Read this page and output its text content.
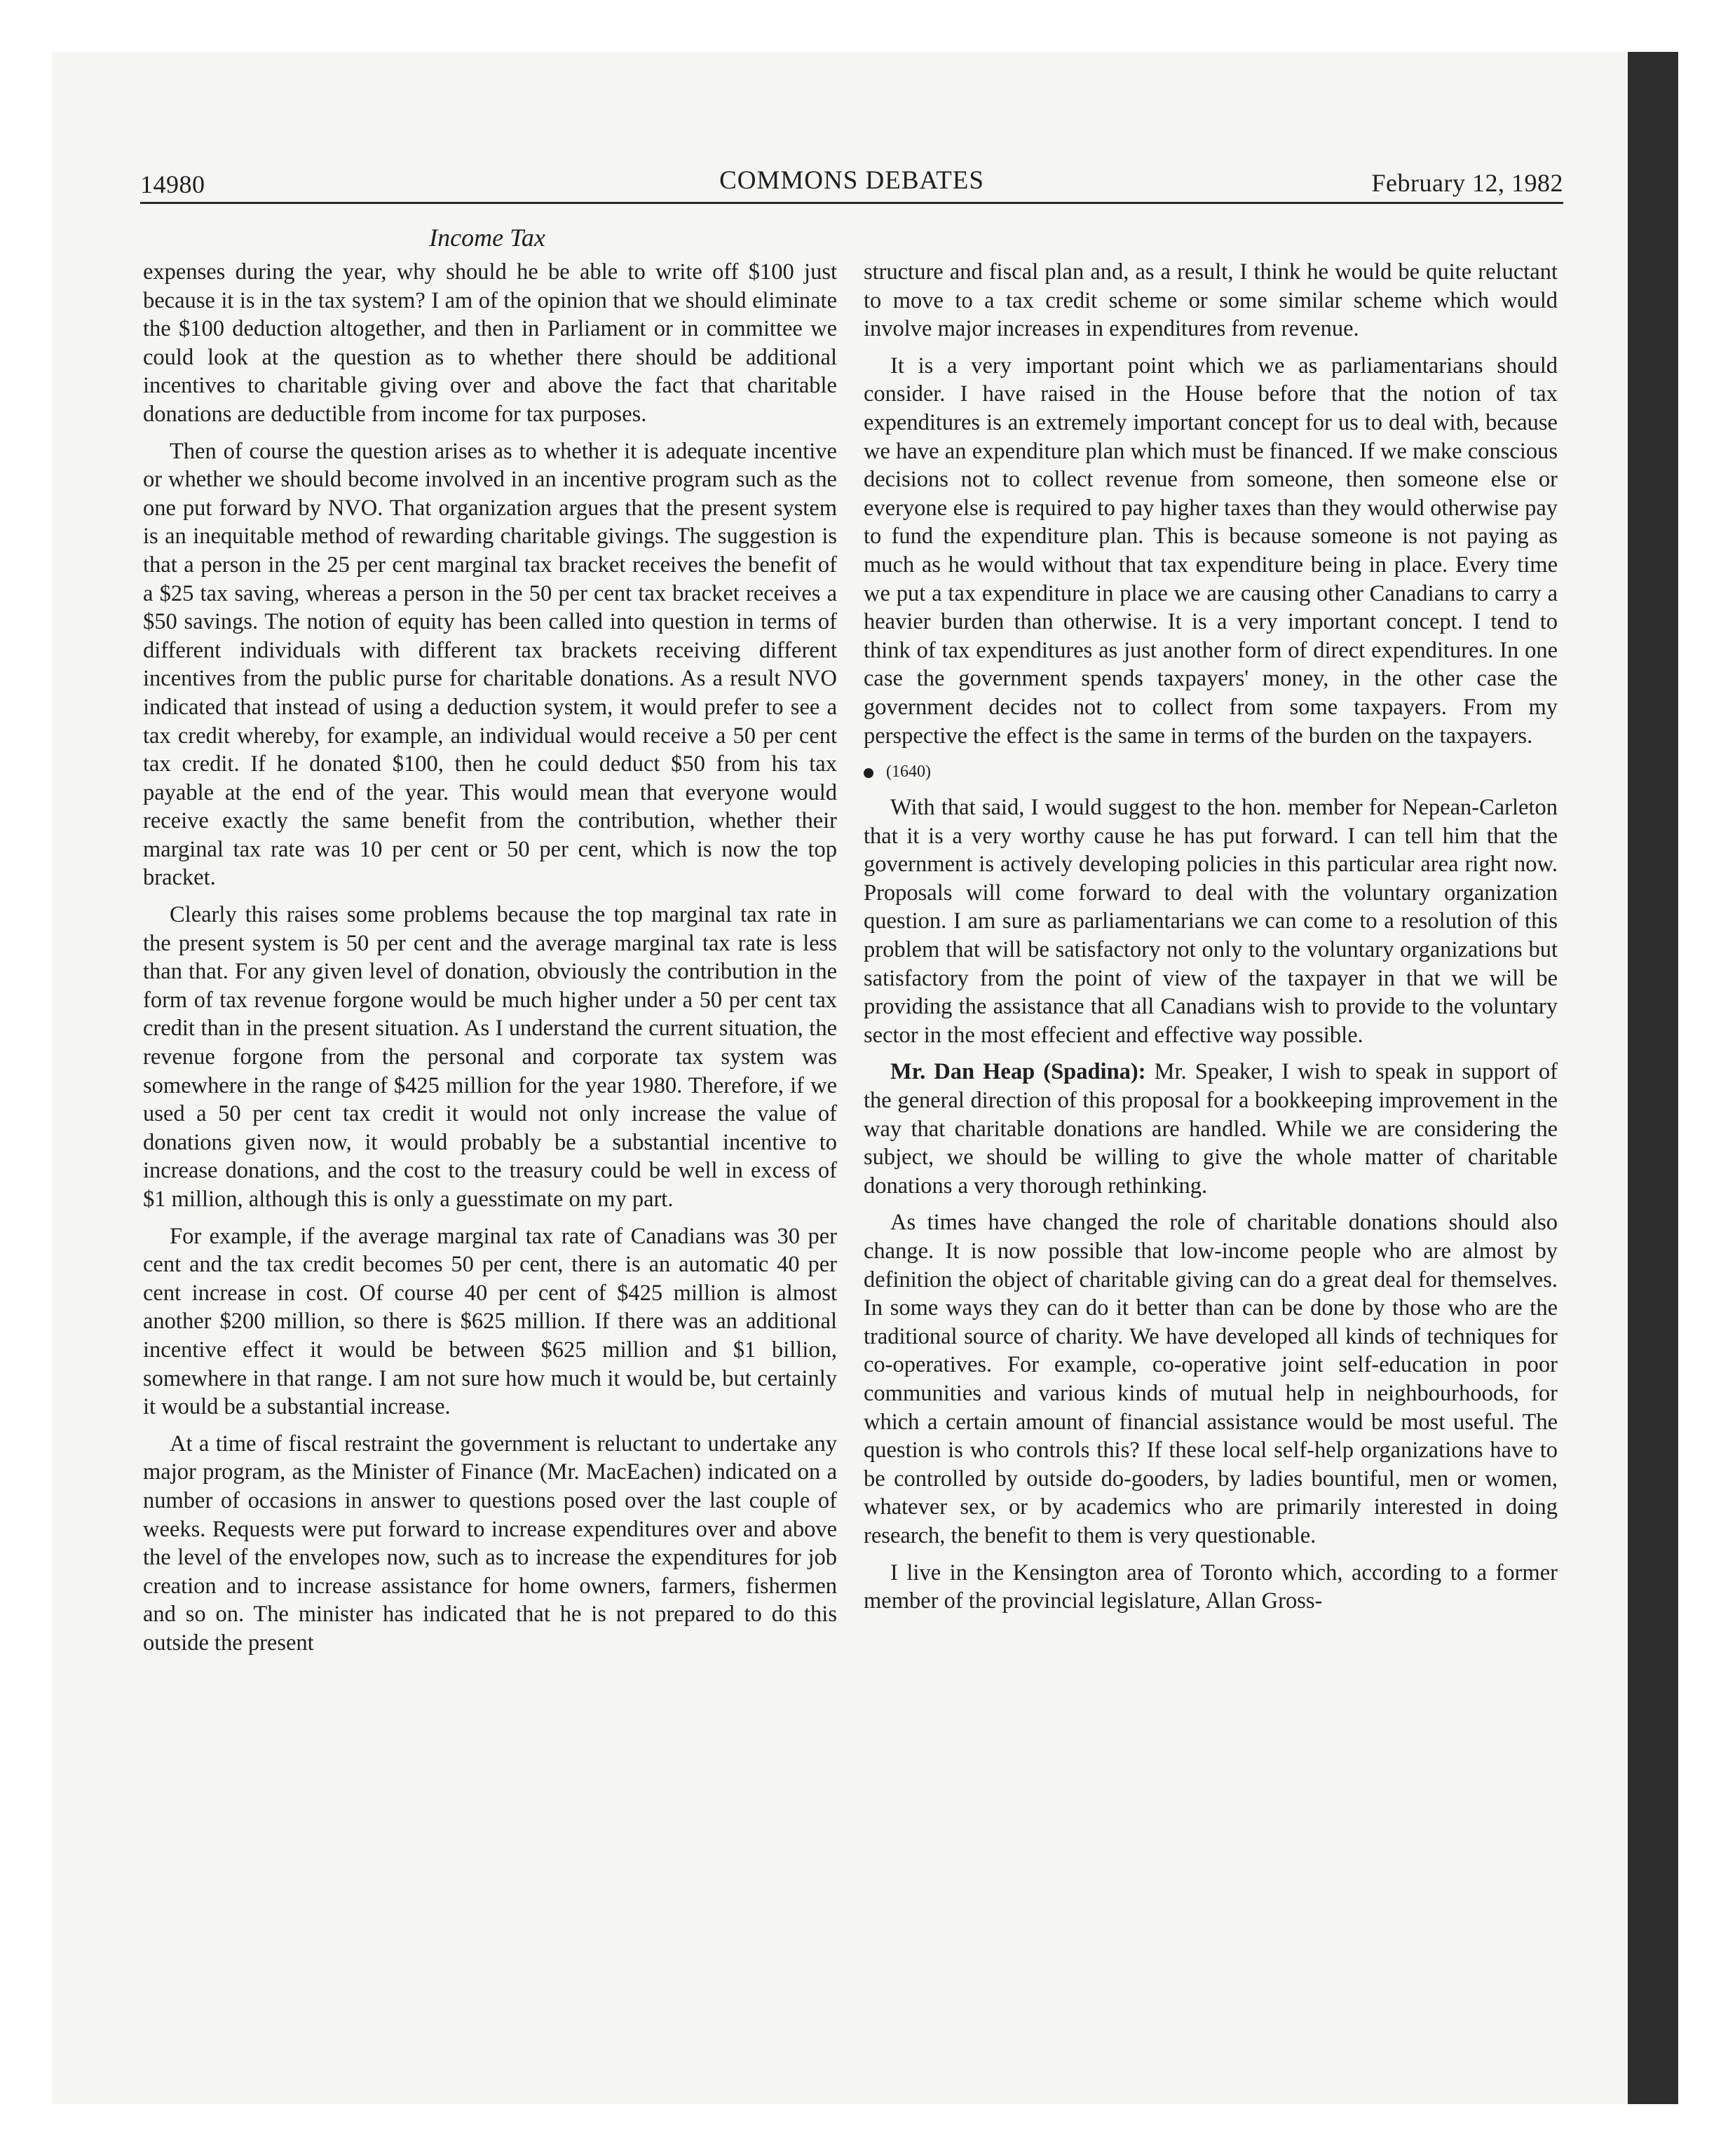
14980	COMMONS DEBATES	February 12, 1982
Income Tax

expenses during the year, why should he be able to write off $100 just because it is in the tax system? I am of the opinion that we should eliminate the $100 deduction altogether, and then in Parliament or in committee we could look at the question as to whether there should be additional incentives to charitable giving over and above the fact that charitable donations are deductible from income for tax purposes.

Then of course the question arises as to whether it is adequate incentive or whether we should become involved in an incentive program such as the one put forward by NVO. That organization argues that the present system is an inequitable method of rewarding charitable givings. The suggestion is that a person in the 25 per cent marginal tax bracket receives the benefit of a $25 tax saving, whereas a person in the 50 per cent tax bracket receives a $50 savings. The notion of equity has been called into question in terms of different individuals with different tax brackets receiving different incentives from the public purse for charitable donations. As a result NVO indicated that instead of using a deduction system, it would prefer to see a tax credit whereby, for example, an individual would receive a 50 per cent tax credit. If he donated $100, then he could deduct $50 from his tax payable at the end of the year. This would mean that everyone would receive exactly the same benefit from the contribution, whether their marginal tax rate was 10 per cent or 50 per cent, which is now the top bracket.

Clearly this raises some problems because the top marginal tax rate in the present system is 50 per cent and the average marginal tax rate is less than that. For any given level of donation, obviously the contribution in the form of tax revenue forgone would be much higher under a 50 per cent tax credit than in the present situation. As I understand the current situation, the revenue forgone from the personal and corporate tax system was somewhere in the range of $425 million for the year 1980. Therefore, if we used a 50 per cent tax credit it would not only increase the value of donations given now, it would probably be a substantial incentive to increase donations, and the cost to the treasury could be well in excess of $1 million, although this is only a guesstimate on my part.

For example, if the average marginal tax rate of Canadians was 30 per cent and the tax credit becomes 50 per cent, there is an automatic 40 per cent increase in cost. Of course 40 per cent of $425 million is almost another $200 million, so there is $625 million. If there was an additional incentive effect it would be between $625 million and $1 billion, somewhere in that range. I am not sure how much it would be, but certainly it would be a substantial increase.

At a time of fiscal restraint the government is reluctant to undertake any major program, as the Minister of Finance (Mr. MacEachen) indicated on a number of occasions in answer to questions posed over the last couple of weeks. Requests were put forward to increase expenditures over and above the level of the envelopes now, such as to increase the expenditures for job creation and to increase assistance for home owners, farmers, fishermen and so on. The minister has indicated that he is not prepared to do this outside the present

structure and fiscal plan and, as a result, I think he would be quite reluctant to move to a tax credit scheme or some similar scheme which would involve major increases in expenditures from revenue.

It is a very important point which we as parliamentarians should consider. I have raised in the House before that the notion of tax expenditures is an extremely important concept for us to deal with, because we have an expenditure plan which must be financed. If we make conscious decisions not to collect revenue from someone, then someone else or everyone else is required to pay higher taxes than they would otherwise pay to fund the expenditure plan. This is because someone is not paying as much as he would without that tax expenditure being in place. Every time we put a tax expenditure in place we are causing other Canadians to carry a heavier burden than otherwise. It is a very important concept. I tend to think of tax expenditures as just another form of direct expenditures. In one case the government spends taxpayers' money, in the other case the government decides not to collect from some taxpayers. From my perspective the effect is the same in terms of the burden on the taxpayers.

(1640)

With that said, I would suggest to the hon. member for Nepean-Carleton that it is a very worthy cause he has put forward. I can tell him that the government is actively developing policies in this particular area right now. Proposals will come forward to deal with the voluntary organization question. I am sure as parliamentarians we can come to a resolution of this problem that will be satisfactory not only to the voluntary organizations but satisfactory from the point of view of the taxpayer in that we will be providing the assistance that all Canadians wish to provide to the voluntary sector in the most effecient and effective way possible.

Mr. Dan Heap (Spadina): Mr. Speaker, I wish to speak in support of the general direction of this proposal for a bookkeeping improvement in the way that charitable donations are handled. While we are considering the subject, we should be willing to give the whole matter of charitable donations a very thorough rethinking.

As times have changed the role of charitable donations should also change. It is now possible that low-income people who are almost by definition the object of charitable giving can do a great deal for themselves. In some ways they can do it better than can be done by those who are the traditional source of charity. We have developed all kinds of techniques for co-operatives. For example, co-operative joint self-education in poor communities and various kinds of mutual help in neighbourhoods, for which a certain amount of financial assistance would be most useful. The question is who controls this? If these local self-help organizations have to be controlled by outside do-gooders, by ladies bountiful, men or women, whatever sex, or by academics who are primarily interested in doing research, the benefit to them is very questionable.

I live in the Kensington area of Toronto which, according to a former member of the provincial legislature, Allan Gross-
